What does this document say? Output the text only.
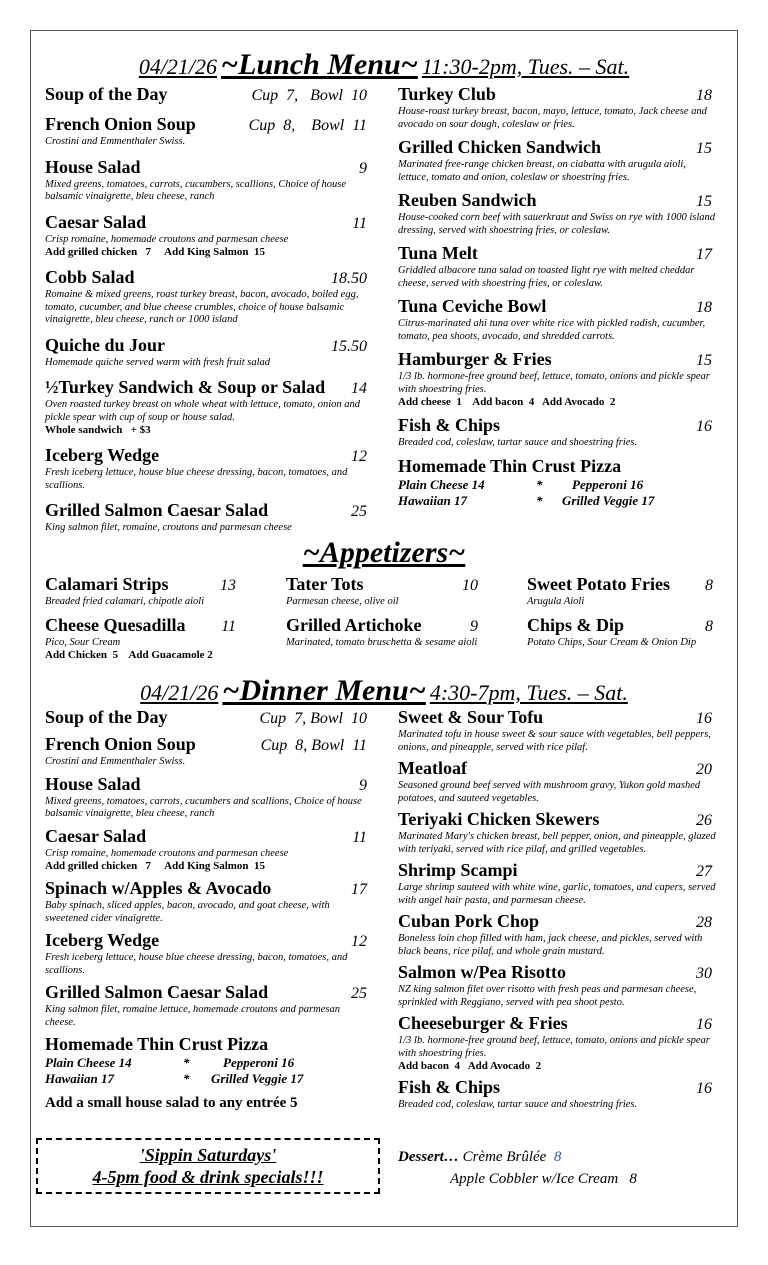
04/21/26 ~Lunch Menu~ 11:30-2pm, Tues. – Sat.
Soup of the Day	Cup  7,   Bowl  10
French Onion Soup	Cup  8,    Bowl  11
Crostini and Emmenthaler Swiss.
House Salad	9
Mixed greens, tomatoes, carrots, cucumbers, scallions, Choice of house balsamic vinaigrette, bleu cheese, ranch
Caesar Salad	11
Crisp romaine, homemade croutons and parmesan cheese
Add grilled chicken   7     Add King Salmon  15
Cobb Salad	18.50
Romaine & mixed greens, roast turkey breast, bacon, avocado, boiled egg, tomato, cucumber, and blue cheese crumbles, choice of house balsamic vinaigrette, bleu cheese, ranch or 1000 island
Quiche du Jour	15.50
Homemade quiche served warm with fresh fruit salad
½Turkey Sandwich & Soup or Salad 14
Oven roasted turkey breast on whole wheat with lettuce, tomato, onion and pickle spear with cup of soup or house salad.
Whole sandwich   + $3
Iceberg Wedge	12
Fresh iceberg lettuce, house blue cheese dressing, bacon, tomatoes, and scallions.
Grilled Salmon Caesar Salad	25
King salmon filet, romaine, croutons and parmesan cheese
Turkey Club	18
House-roast turkey breast, bacon, mayo, lettuce, tomato, Jack cheese and avocado on sour dough, coleslaw or fries.
Grilled Chicken Sandwich	15
Marinated free-range chicken breast, on ciabatta with arugula aioli, lettuce, tomato and onion, coleslaw or shoestring fries.
Reuben Sandwich	15
House-cooked corn beef with sauerkraut and Swiss on rye with 1000 island dressing, served with shoestring fries, or coleslaw.
Tuna Melt	17
Griddled albacore tuna salad on toasted light rye with melted cheddar cheese, served with shoestring fries, or coleslaw.
Tuna Ceviche Bowl	18
Citrus-marinated ahi tuna over white rice with pickled radish, cucumber, tomato, pea shoots, avocado, and shredded carrots.
Hamburger & Fries	15
1/3 lb. hormone-free ground beef, lettuce, tomato, onions and pickle spear with shoestring fries.
Add cheese  1    Add bacon  4   Add Avocado  2
Fish & Chips	16
Breaded cod, coleslaw, tartar sauce and shoestring fries.
Homemade Thin Crust Pizza
Plain Cheese 14	*	Pepperoni 16
Hawaiian 17	*	Grilled Veggie 17
~Appetizers~
Calamari Strips	13
Breaded fried calamari, chipotle aioli
Cheese Quesadilla 11
Pico, Sour Cream
Add Chicken  5    Add Guacamole 2
Tater Tots	10
Parmesan cheese, olive oil
Grilled Artichoke	9
Marinated, tomato bruschetta & sesame aioli
Sweet Potato Fries 8
Arugula Aioli
Chips & Dip	8
Potato Chips, Sour Cream & Onion Dip
04/21/26 ~Dinner Menu~ 4:30-7pm, Tues. – Sat.
Soup of the Day	Cup  7, Bowl  10
French Onion Soup	Cup  8, Bowl  11
Crostini and Emmenthaler Swiss.
House Salad	9
Mixed greens, tomatoes, carrots, cucumbers and scallions, Choice of house balsamic vinaigrette, bleu cheese, ranch
Caesar Salad	11
Crisp romaine, homemade croutons and parmesan cheese
Add grilled chicken   7     Add King Salmon  15
Spinach w/Apples & Avocado	17
Baby spinach, sliced apples, bacon, avocado, and goat cheese, with sweetened cider vinaigrette.
Iceberg Wedge	12
Fresh iceberg lettuce, house blue cheese dressing, bacon, tomatoes, and scallions.
Grilled Salmon Caesar Salad	25
King salmon filet, romaine lettuce, homemade croutons and parmesan cheese.
Homemade Thin Crust Pizza
Plain Cheese 14	*	Pepperoni 16
Hawaiian 17	*	Grilled Veggie 17
Add a small house salad to any entrée 5
Sweet & Sour Tofu	16
Marinated tofu in house sweet & sour sauce with vegetables, bell peppers, onions, and pineapple, served with rice pilaf.
Meatloaf	20
Seasoned ground beef served with mushroom gravy, Yukon gold mashed potatoes, and sauteed vegetables.
Teriyaki Chicken Skewers	26
Marinated Mary's chicken breast, bell pepper, onion, and pineapple, glazed with teriyaki, served with rice pilaf, and grilled vegetables.
Shrimp Scampi	27
Large shrimp sauteed with white wine, garlic, tomatoes, and capers, served with angel hair pasta, and parmesan cheese.
Cuban Pork Chop	28
Boneless loin chop filled with ham, jack cheese, and pickles, served with black beans, rice pilaf, and whole grain mustard.
Salmon w/Pea Risotto	30
NZ king salmon filet over risotto with fresh peas and parmesan cheese, sprinkled with Reggiano, served with pea shoot pesto.
Cheeseburger & Fries	16
1/3 lb. hormone-free ground beef, lettuce, tomato, onions and pickle spear with shoestring fries.
Add bacon  4   Add Avocado  2
Fish & Chips	16
Breaded cod, coleslaw, tartar sauce and shoestring fries.
'Sippin Saturdays'
4-5pm food & drink specials!!!
Dessert… Crème Brûlée 8
Apple Cobbler w/Ice Cream 8
